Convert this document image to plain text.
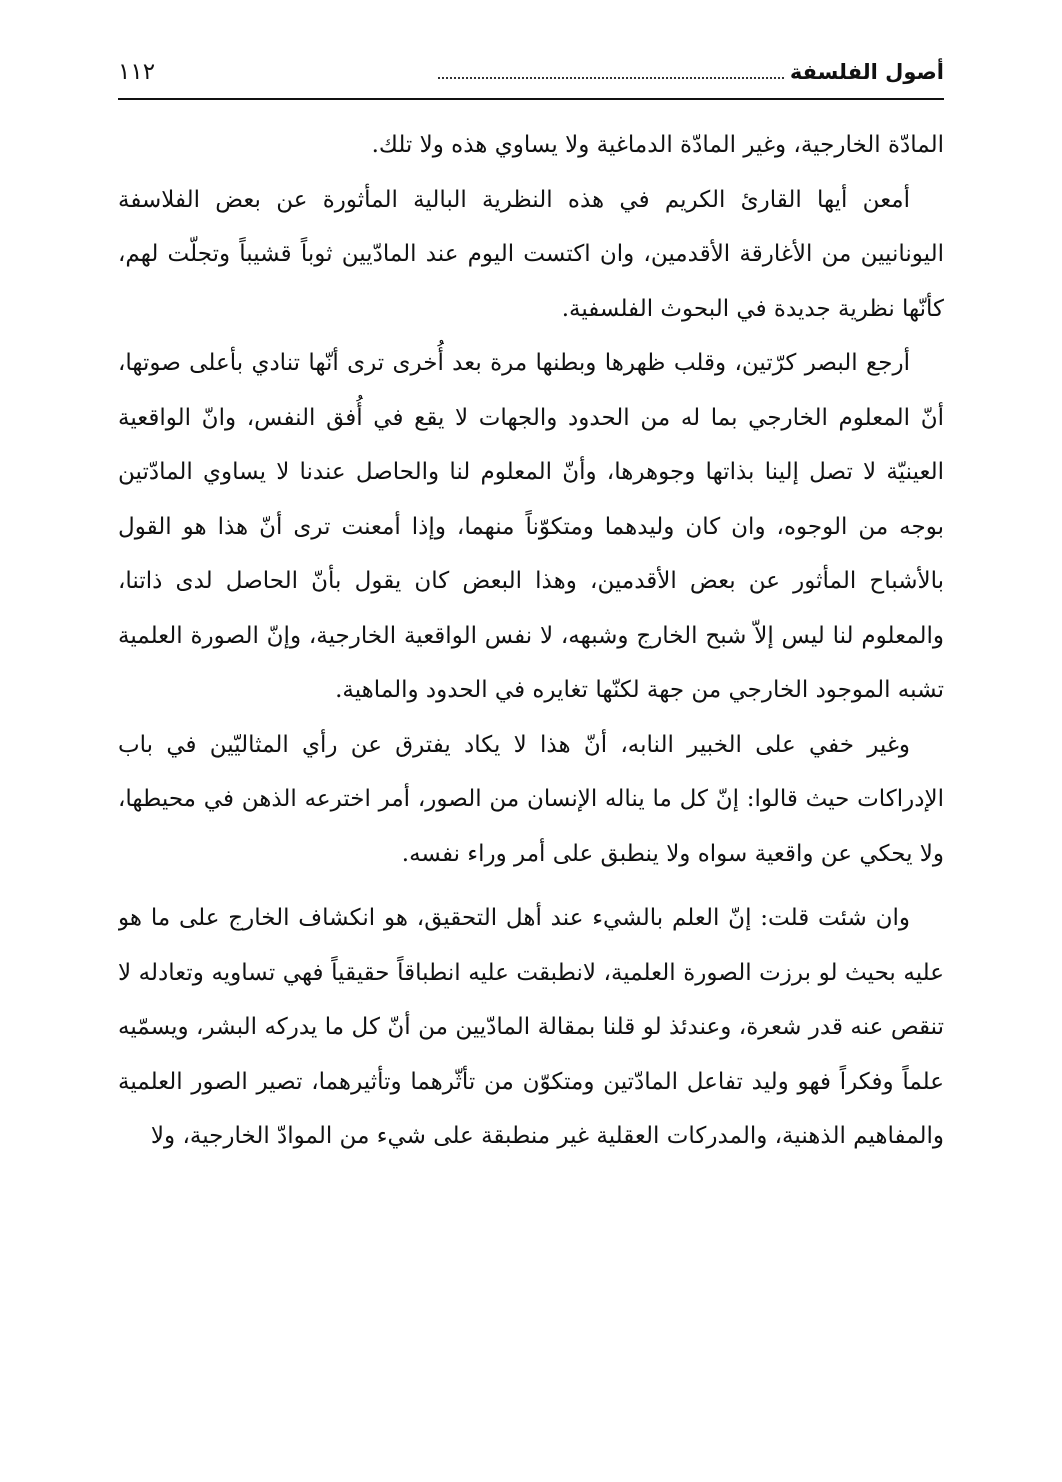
أصول الفلسفة
١١٢

المادّة الخارجية، وغير المادّة الدماغية ولا يساوي هذه ولا تلك.

أمعن أيها القارئ الكريم في هذه النظرية البالية المأثورة عن بعض الفلاسفة اليونانيين من الأغارقة الأقدمين، وان اكتست اليوم عند المادّيين ثوباً قشيباً وتجلّت لهم، كأنّها نظرية جديدة في البحوث الفلسفية.

أرجع البصر كرّتين، وقلب ظهرها وبطنها مرة بعد أُخرى ترى أنّها تنادي بأعلى صوتها، أنّ المعلوم الخارجي بما له من الحدود والجهات لا يقع في أُفق النفس، وانّ الواقعية العينيّة لا تصل إلينا بذاتها وجوهرها، وأنّ المعلوم لنا والحاصل عندنا لا يساوي المادّتين بوجه من الوجوه، وان كان وليدهما ومتكوّناً منهما، وإذا أمعنت ترى أنّ هذا هو القول بالأشباح المأثور عن بعض الأقدمين، وهذا البعض كان يقول بأنّ الحاصل لدى ذاتنا، والمعلوم لنا ليس إلاّ شبح الخارج وشبهه، لا نفس الواقعية الخارجية، وإنّ الصورة العلمية تشبه الموجود الخارجي من جهة لكنّها تغايره في الحدود والماهية.

وغير خفي على الخبير النابه، أنّ هذا لا يكاد يفترق عن رأي المثاليّين في باب الإدراكات حيث قالوا: إنّ كل ما يناله الإنسان من الصور، أمر اخترعه الذهن في محيطها، ولا يحكي عن واقعية سواه ولا ينطبق على أمر وراء نفسه.

وان شئت قلت: إنّ العلم بالشيء عند أهل التحقيق، هو انكشاف الخارج على ما هو عليه بحيث لو برزت الصورة العلمية، لانطبقت عليه انطباقاً حقيقياً فهي تساويه وتعادله لا تنقص عنه قدر شعرة، وعندئذ لو قلنا بمقالة المادّيين من أنّ كل ما يدركه البشر، ويسمّيه علماً وفكراً فهو وليد تفاعل المادّتين ومتكوّن من تأثّرهما وتأثيرهما، تصير الصور العلمية والمفاهيم الذهنية، والمدركات العقلية غير منطبقة على شيء من الموادّ الخارجية، ولا
